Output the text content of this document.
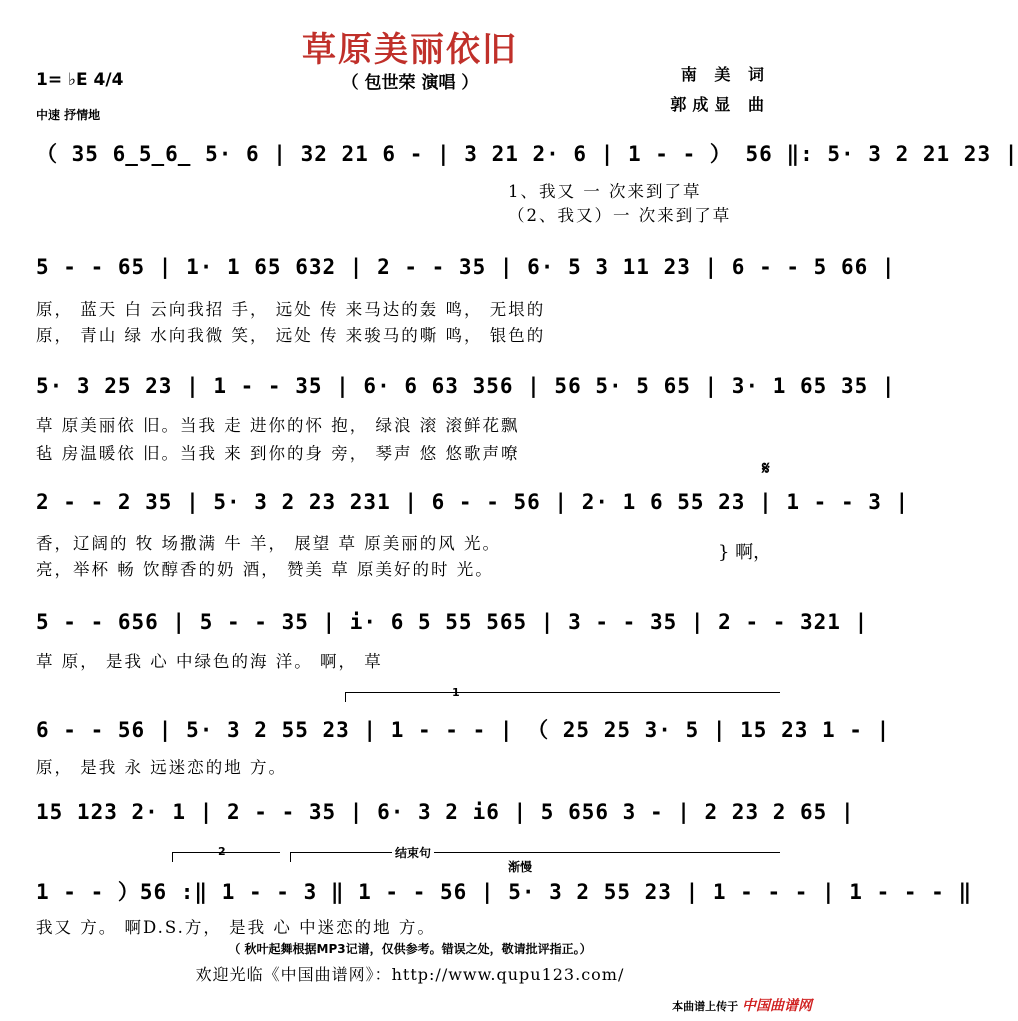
草原美丽依旧
（ 包世荣 演唱 ）
1= ♭E 4/4
中速 抒情地
南 美 词
郭成显 曲
（ 35 6̲5̲6̲ 5· 6 | 32 21 6 - | 3 21 2· 6 | 1 - - ） 56 ‖: 5· 3 2 21 23 |
1、我又 一 次来到了草
（2、我又）一 次来到了草
5 - - 65 | 1· 1 65 632 | 2 - - 35 | 6· 5 3 11 23 | 6 - - 5 66 |
原， 蓝天 白 云向我招 手， 远处 传 来马达的轰 鸣， 无垠的
原， 青山 绿 水向我微 笑， 远处 传 来骏马的嘶 鸣， 银色的
5· 3 25 23 | 1 - - 35 | 6· 6 63 356 | 56 5· 5 65 | 3· 1 65 35 |
草 原美丽依 旧。当我 走 进你的怀 抱， 绿浪 滚 滚鲜花飘
毡 房温暖依 旧。当我 来 到你的身 旁， 琴声 悠 悠歌声嘹
𝄋
2 - - 2 35 | 5· 3 2 23 231 | 6 - - 56 | 2· 1 6 55 23 | 1 - - 3 |
香，辽阔的 牧 场撒满 牛 羊， 展望 草 原美丽的风 光。
亮，举杯 畅 饮醇香的奶 酒， 赞美 草 原美好的时 光。
} 啊，
5 - - 656 | 5 - - 35 | i· 6 5 55 565 | 3 - - 35 | 2 - - 321 |
草 原， 是我 心 中绿色的海 洋。 啊， 草
1
6 - - 56 | 5· 3 2 55 23 | 1 - - - | （ 25 25 3· 5 | 15 23 1 - |
原， 是我 永 远迷恋的地 方。
15 123 2· 1 | 2 - - 35 | 6· 3 2 i6 | 5 656 3 - | 2 23 2 65 |
2	结束句
渐慢
1 - - ）56 :‖ 1 - - 3 ‖ 1 - - 56 | 5· 3 2 55 23 | 1 - - - | 1 - - - ‖
我又 方。 啊D.S.方， 是我 心 中迷恋的地 方。
（ 秋叶起舞根据MP3记谱，仅供参考。错误之处，敬请批评指正。）
欢迎光临《中国曲谱网》：http://www.qupu123.com/
本曲谱上传于 中国曲谱网
